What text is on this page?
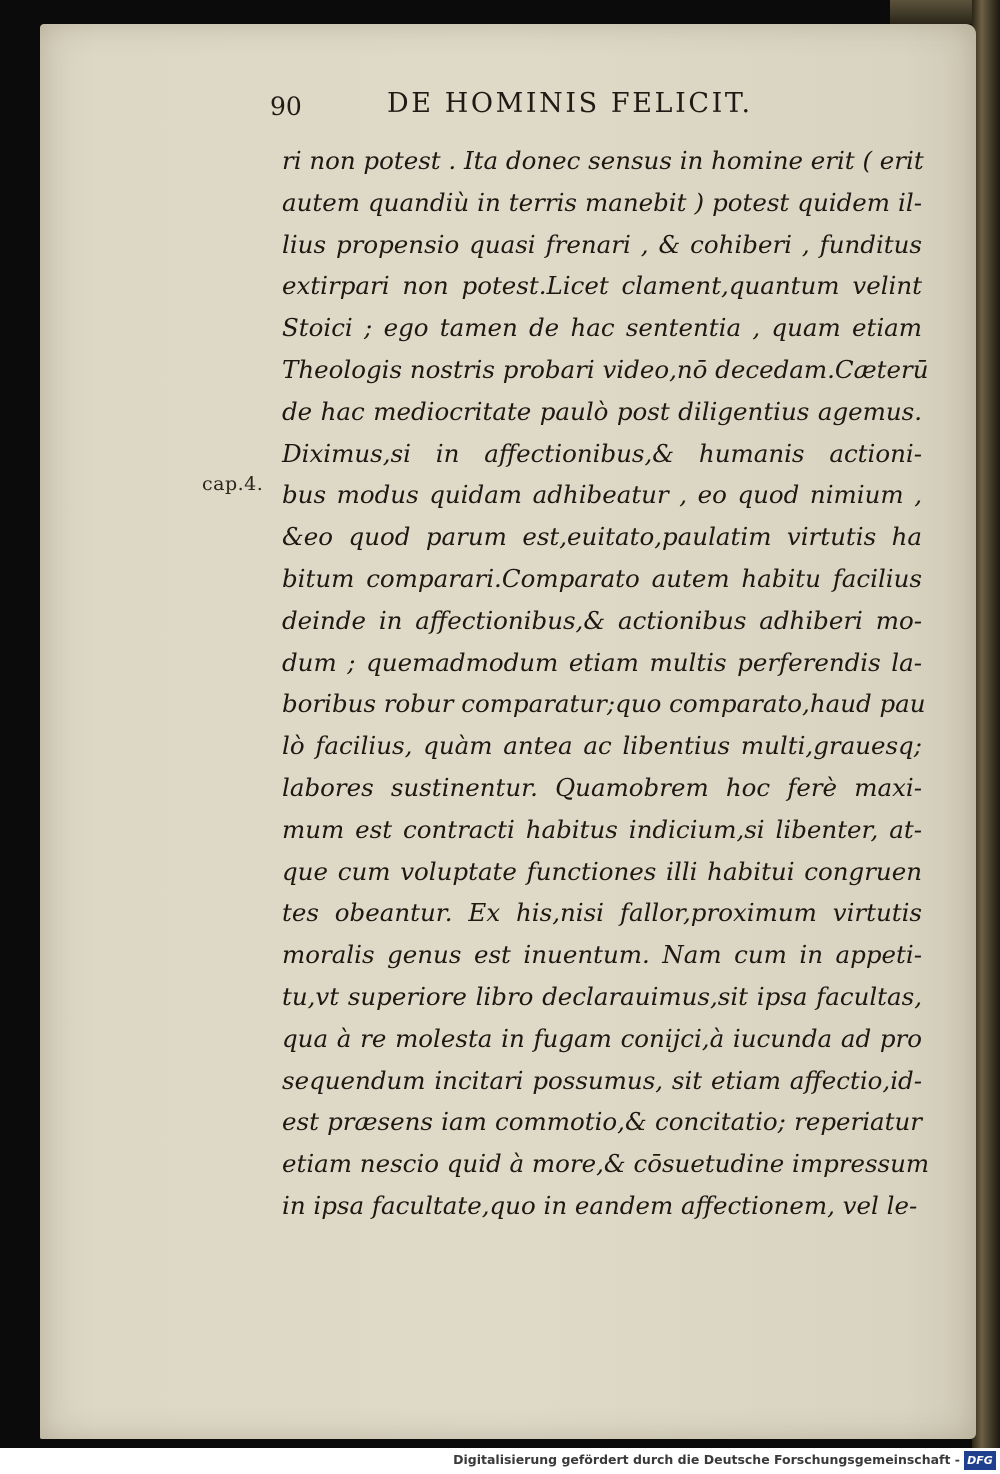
90	DE HOMINIS FELICIT.
cap.4.
ri non potest . Ita donec sensus in homine erit ( erit
autem quandiù in terris manebit ) potest quidem il-
lius propensio quasi frenari , & cohiberi , funditus
extirpari non potest.Licet clament,quantum velint
Stoici ; ego tamen de hac sententia , quam etiam
Theologis nostris probari video,nō decedam.Cæterū
de hac mediocritate paulò post diligentius agemus.
Diximus,si in affectionibus,& humanis actioni-
bus modus quidam adhibeatur , eo quod nimium ,
&eo quod parum est,euitato,paulatim virtutis ha
bitum comparari.Comparato autem habitu facilius
deinde in affectionibus,& actionibus adhiberi mo-
dum ; quemadmodum etiam multis perferendis la-
boribus robur comparatur;quo comparato,haud pau
lò facilius, quàm antea ac libentius multi,grauesq;
labores sustinentur. Quamobrem hoc ferè maxi-
mum est contracti habitus indicium,si libenter, at-
que cum voluptate functiones illi habitui congruen
tes obeantur. Ex his,nisi fallor,proximum virtutis
moralis genus est inuentum. Nam cum in appeti-
tu,vt superiore libro declarauimus,sit ipsa facultas,
qua à re molesta in fugam conijci,à iucunda ad pro
sequendum incitari possumus, sit etiam affectio,id-
est præsens iam commotio,& concitatio; reperiatur
etiam nescio quid à more,& cōsuetudine impressum
in ipsa facultate,quo in eandem affectionem, vel le-
Digitalisierung gefördert durch die Deutsche Forschungsgemeinschaft - DFG
